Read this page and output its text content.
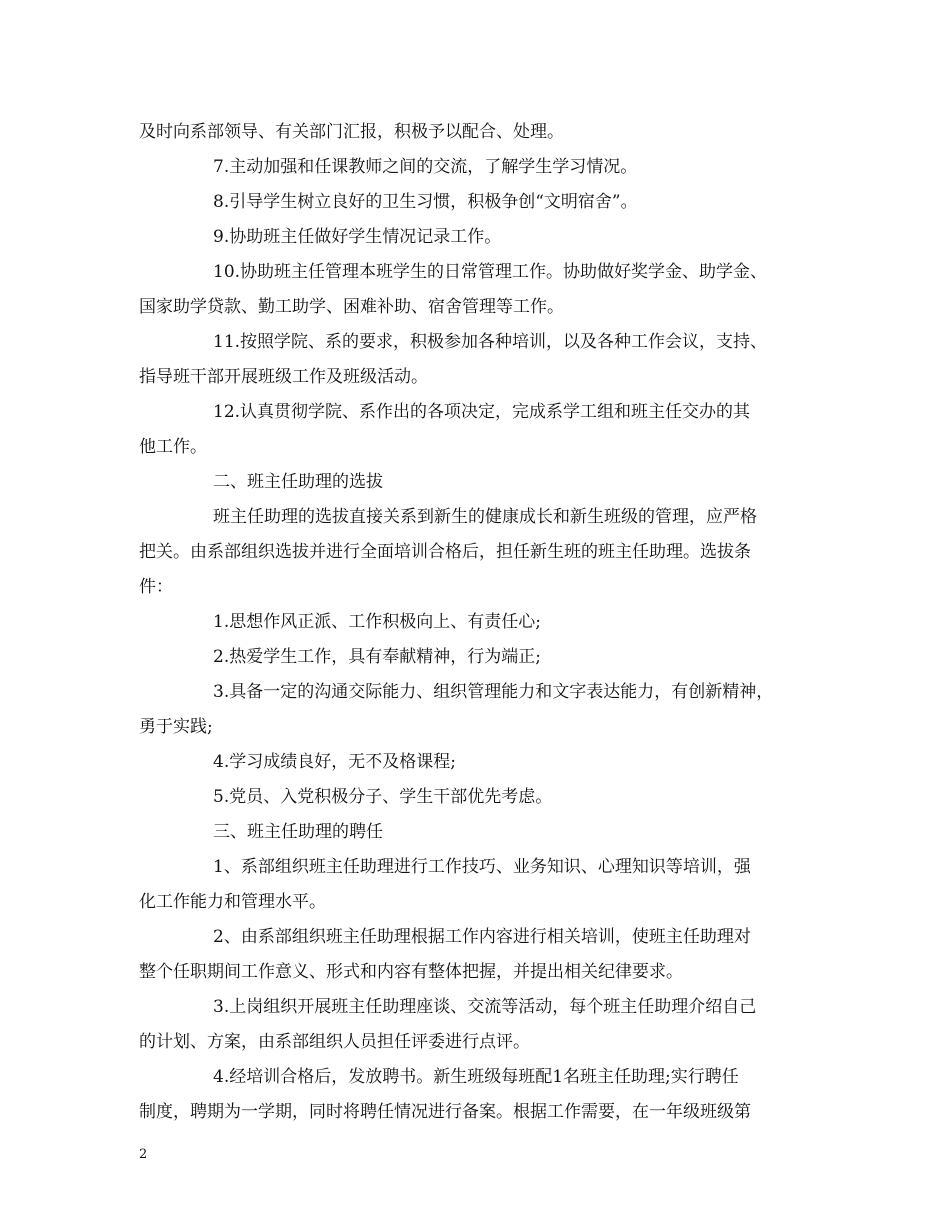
及时向系部领导、有关部门汇报，积极予以配合、处理。
7.主动加强和任课教师之间的交流，了解学生学习情况。
8.引导学生树立良好的卫生习惯，积极争创“文明宿舍”。
9.协助班主任做好学生情况记录工作。
10.协助班主任管理本班学生的日常管理工作。协助做好奖学金、助学金、
国家助学贷款、勤工助学、困难补助、宿舍管理等工作。
11.按照学院、系的要求，积极参加各种培训，以及各种工作会议，支持、
指导班干部开展班级工作及班级活动。
12.认真贯彻学院、系作出的各项决定，完成系学工组和班主任交办的其
他工作。
二、班主任助理的选拔
班主任助理的选拔直接关系到新生的健康成长和新生班级的管理，应严格
把关。由系部组织选拔并进行全面培训合格后，担任新生班的班主任助理。选拔条
件：
1.思想作风正派、工作积极向上、有责任心;
2.热爱学生工作，具有奉献精神，行为端正;
3.具备一定的沟通交际能力、组织管理能力和文字表达能力，有创新精神，
勇于实践;
4.学习成绩良好，无不及格课程;
5.党员、入党积极分子、学生干部优先考虑。
三、班主任助理的聘任
1、系部组织班主任助理进行工作技巧、业务知识、心理知识等培训，强
化工作能力和管理水平。
2、由系部组织班主任助理根据工作内容进行相关培训，使班主任助理对
整个任职期间工作意义、形式和内容有整体把握，并提出相关纪律要求。
3.上岗组织开展班主任助理座谈、交流等活动，每个班主任助理介绍自己
的计划、方案，由系部组织人员担任评委进行点评。
4.经培训合格后，发放聘书。新生班级每班配1名班主任助理;实行聘任
制度，聘期为一学期，同时将聘任情况进行备案。根据工作需要，在一年级班级第
2
